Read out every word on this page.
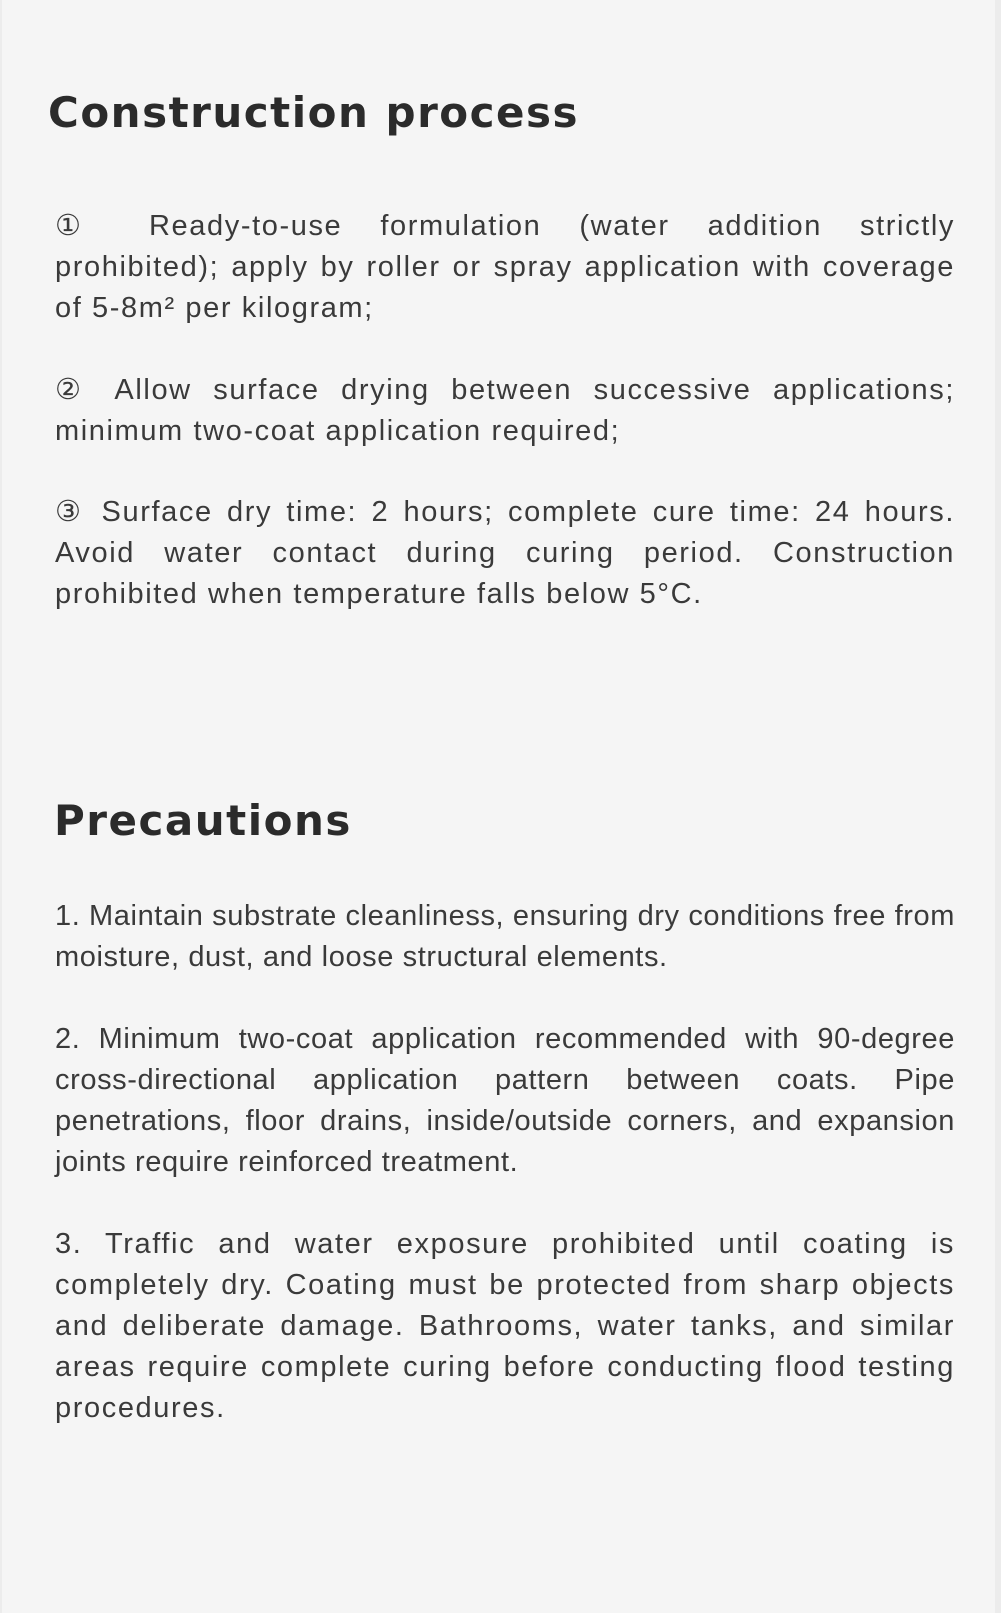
Construction process

① Ready-to-use formulation (water addition strictly prohibited); apply by roller or spray application with coverage of 5-8m² per kilogram;

② Allow surface drying between successive applications; minimum two-coat application required;

③ Surface dry time: 2 hours; complete cure time: 24 hours. Avoid water contact during curing period. Construction prohibited when temperature falls below 5°C.

Precautions

1. Maintain substrate cleanliness, ensuring dry conditions free from moisture, dust, and loose structural elements.

2. Minimum two-coat application recommended with 90-degree cross-directional application pattern between coats. Pipe penetrations, floor drains, inside/outside corners, and expansion joints require reinforced treatment.

3. Traffic and water exposure prohibited until coating is completely dry. Coating must be protected from sharp objects and deliberate damage. Bathrooms, water tanks, and similar areas require complete curing before conducting flood testing procedures.
